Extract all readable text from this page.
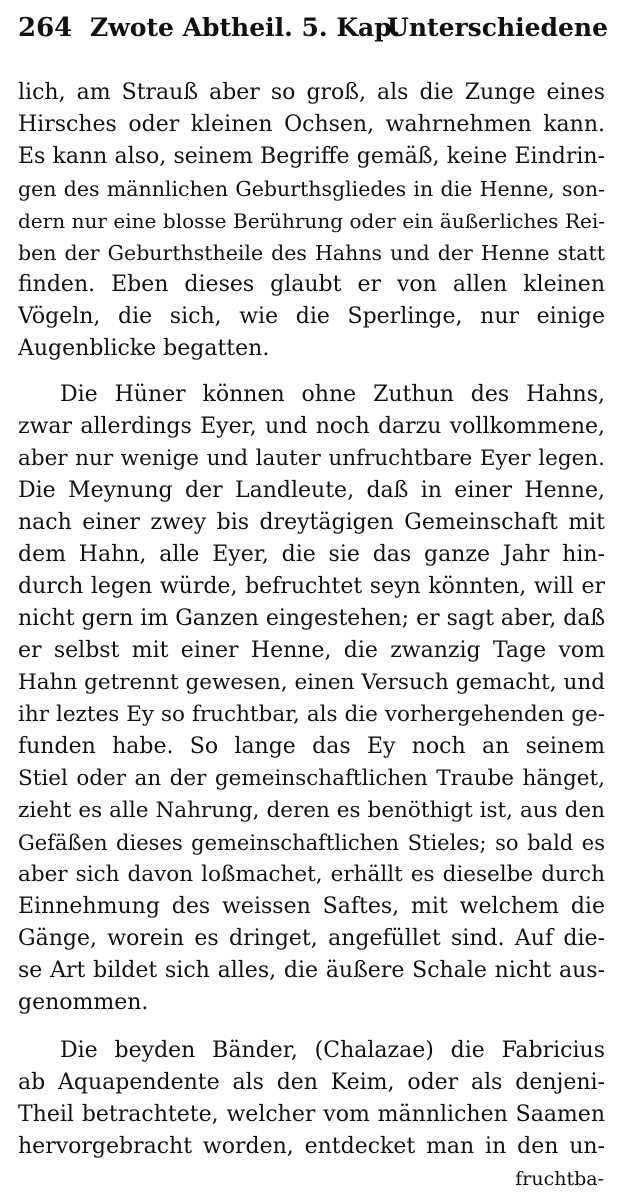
264 Zwote Abtheil. 5. Kap.
Unterschiedene
lich, am Strauß aber so groß, als die Zunge eines
Hirsches oder kleinen Ochsen, wahrnehmen kann.
Es kann also, seinem Begriffe gemäß, keine Eindrin-
gen des männlichen Geburthsgliedes in die Henne, son-
dern nur eine blosse Berührung oder ein äußerliches Rei-
ben der Geburthstheile des Hahns und der Henne statt
finden. Eben dieses glaubt er von allen kleinen
Vögeln, die sich, wie die Sperlinge, nur einige
Augenblicke begatten.
Die Hüner können ohne Zuthun des Hahns,
zwar allerdings Eyer, und noch darzu vollkommene,
aber nur wenige und lauter unfruchtbare Eyer legen.
Die Meynung der Landleute, daß in einer Henne,
nach einer zwey bis dreytägigen Gemeinschaft mit
dem Hahn, alle Eyer, die sie das ganze Jahr hin-
durch legen würde, befruchtet seyn könnten, will er
nicht gern im Ganzen eingestehen; er sagt aber, daß
er selbst mit einer Henne, die zwanzig Tage vom
Hahn getrennt gewesen, einen Versuch gemacht, und
ihr leztes Ey so fruchtbar, als die vorhergehenden ge-
funden habe. So lange das Ey noch an seinem
Stiel oder an der gemeinschaftlichen Traube hänget,
zieht es alle Nahrung, deren es benöthigt ist, aus den
Gefäßen dieses gemeinschaftlichen Stieles; so bald es
aber sich davon loßmachet, erhällt es dieselbe durch
Einnehmung des weissen Saftes, mit welchem die
Gänge, worein es dringet, angefüllet sind. Auf die-
se Art bildet sich alles, die äußere Schale nicht aus-
genommen.
Die beyden Bänder, (Chalazae) die Fabricius
ab Aquapendente als den Keim, oder als denjeni-
Theil betrachtete, welcher vom männlichen Saamen
hervorgebracht worden, entdecket man in den un-
fruchtba-
